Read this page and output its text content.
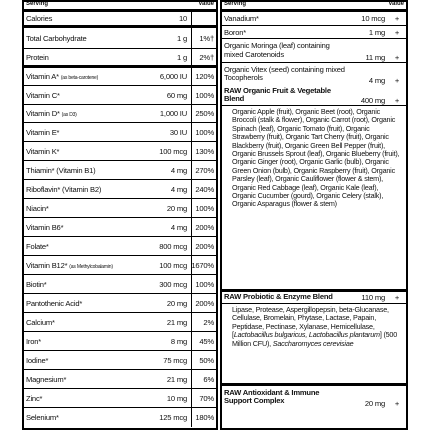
Serving	Value
Calories	10
Total Carbohydrate	1 g	1%†
Protein	1 g	2%†
Vitamin A* (as beta-carotene)	6,000 IU	120%
Vitamin C*	60 mg	100%
Vitamin D* (as D3)	1,000 IU	250%
Vitamin E*	30 IU	100%
Vitamin K*	100 mcg	130%
Thiamin* (Vitamin B1)	4 mg	270%
Riboflavin* (Vitamin B2)	4 mg	240%
Niacin*	20 mg	100%
Vitamin B6*	4 mg	200%
Folate*	800 mcg	200%
Vitamin B12* (as Methylcobalamin)	100 mcg 1670%
Biotin*	300 mcg	100%
Pantothenic Acid*	20 mg	200%
Calcium*	21 mg	2%
Iron*	8 mg	45%
Iodine*	75 mcg	50%
Magnesium*	21 mg	6%
Zinc*	10 mg	70%
Selenium*	125 mcg	180%
Serving	Value
Vanadium*	10 mcg	+
Boron*	1 mg	+
Organic Moringa (leaf) containing mixed Carotenoids	11 mg	+
Organic Vitex (seed) containing mixed Tocopherols	4 mg	+
RAW Organic Fruit & Vegetable Blend	400 mg	+
Organic Apple (fruit), Organic Beet (root), Organic Broccoli (stalk & flower), Organic Carrot (root), Organic Spinach (leaf), Organic Tomato (fruit), Organic Strawberry (fruit), Organic Tart Cherry (fruit), Organic Blackberry (fruit), Organic Green Bell Pepper (fruit), Organic Brussels Sprout (leaf), Organic Blueberry (fruit), Organic Ginger (root), Organic Garlic (bulb), Organic Green Onion (bulb), Organic Raspberry (fruit), Organic Parsley (leaf), Organic Cauliflower (flower & stem), Organic Red Cabbage (leaf), Organic Kale (leaf), Organic Cucumber (gourd), Organic Celery (stalk), Organic Asparagus (flower & stem)
RAW Probiotic & Enzyme Blend	110 mg	+
Lipase, Protease, Aspergillopepsin, beta-Glucanase, Cellulase, Bromelain, Phytase, Lactase, Papain, Peptidase, Pectinase, Xylanase, Hemicellulase, [Lactobacillus bulgaricus, Lactobacillus plantarum] (500 Million CFU), Saccharomyces cerevisiae
RAW Antioxidant & Immune Support Complex	20 mg	+
